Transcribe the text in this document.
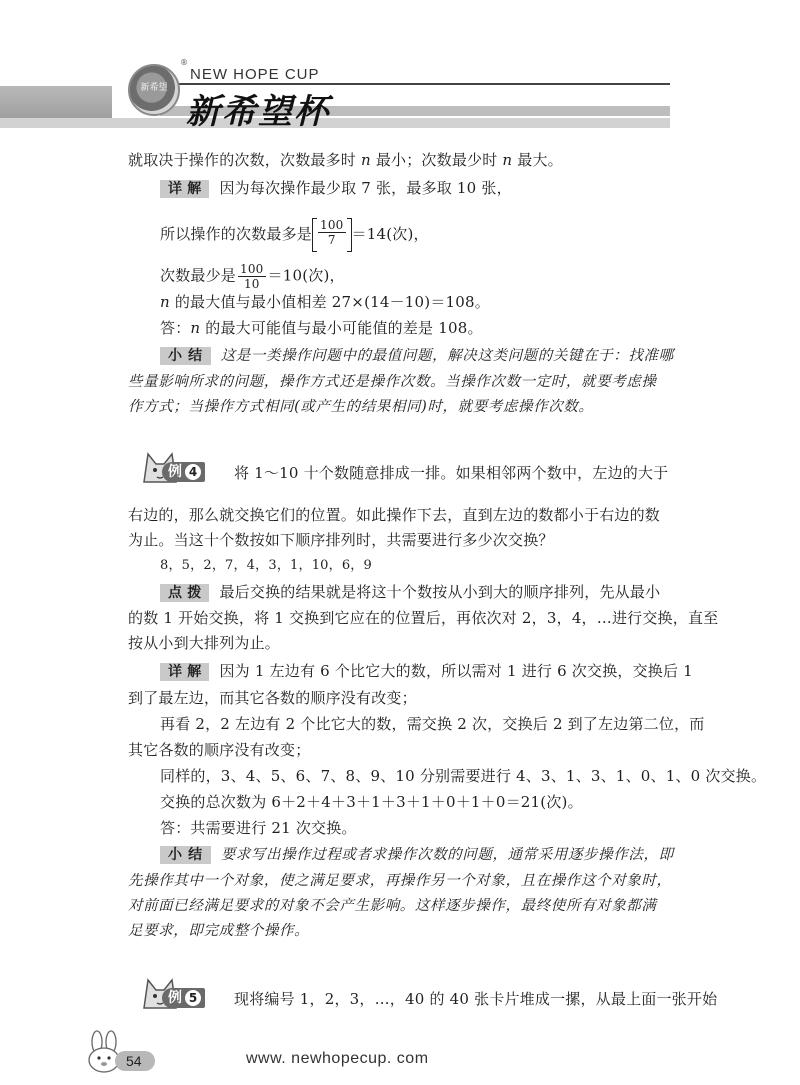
新希望
®
NEW HOPE CUP
新希望杯
就取决于操作的次数，次数最多时 n 最小；次数最少时 n 最大。
详 解 因为每次操作最少取 7 张，最多取 10 张，
所以操作的次数最多是 $\frac{100}{7} =14$(次)，
次数最少是 $\frac{100}{10} =10$(次)，
n 的最大值与最小值相差 27×(14－10)＝108。
答：n 的最大可能值与最小可能值的差是 108。
小 结 这是一类操作问题中的最值问题，解决这类问题的关键在于：找准哪
些量影响所求的问题，操作方式还是操作次数。当操作次数一定时，就要考虑操
作方式；当操作方式相同(或产生的结果相同)时，就要考虑操作次数。
例 4	将 1～10 十个数随意排成一排。如果相邻两个数中，左边的大于
右边的，那么就交换它们的位置。如此操作下去，直到左边的数都小于右边的数
为止。当这十个数按如下顺序排列时，共需要进行多少次交换？
8，5，2，7，4，3，1，10，6，9
点 拨 最后交换的结果就是将这十个数按从小到大的顺序排列，先从最小
的数 1 开始交换，将 1 交换到它应在的位置后，再依次对 2，3，4，…进行交换，直至
按从小到大排列为止。
详 解 因为 1 左边有 6 个比它大的数，所以需对 1 进行 6 次交换，交换后 1
到了最左边，而其它各数的顺序没有改变；
再看 2，2 左边有 2 个比它大的数，需交换 2 次，交换后 2 到了左边第二位，而
其它各数的顺序没有改变；
同样的，3、4、5、6、7、8、9、10 分别需要进行 4、3、1、3、1、0、1、0 次交换。
交换的总次数为 6＋2＋4＋3＋1＋3＋1＋0＋1＋0＝21(次)。
答：共需要进行 21 次交换。
小 结 要求写出操作过程或者求操作次数的问题，通常采用逐步操作法，即
先操作其中一个对象，使之满足要求，再操作另一个对象，且在操作这个对象时，
对前面已经满足要求的对象不会产生影响。这样逐步操作，最终使所有对象都满
足要求，即完成整个操作。
例 5	现将编号 1，2，3，…，40 的 40 张卡片堆成一摞，从最上面一张开始
54	www. newhopecup. com
